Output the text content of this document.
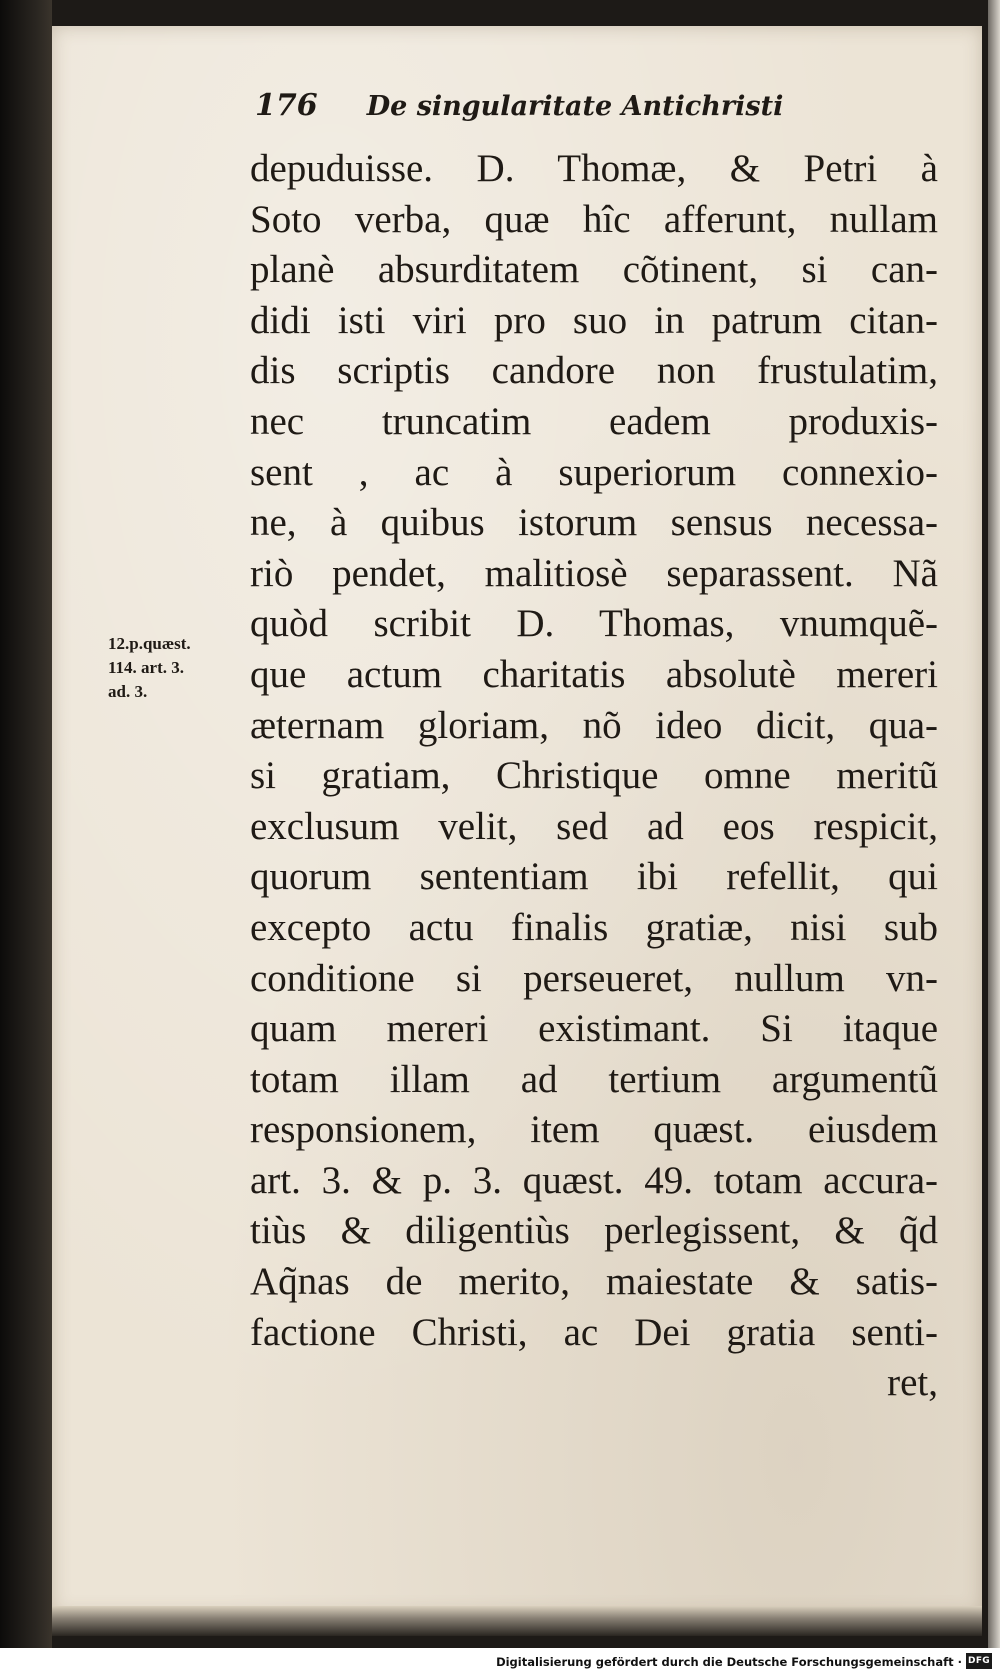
176 De singularitate Antichristi
12.p.quæst.
114. art. 3.
ad. 3.
depuduisse. D. Thomæ, & Petri à
Soto verba, quæ hîc afferunt, nullam
planè absurditatem cõtinent, si can-
didi isti viri pro suo in patrum citan-
dis scriptis candore non frustulatim,
nec truncatim eadem produxis-
sent , ac à superiorum connexio-
ne, à quibus istorum sensus necessa-
riò pendet, malitiosè separassent. Nã
quòd scribit D. Thomas, vnumquẽ-
que actum charitatis absolutè mereri
æternam gloriam, nõ ideo dicit, qua-
si gratiam, Christique omne meritũ
exclusum velit, sed ad eos respicit,
quorum sententiam ibi refellit, qui
excepto actu finalis gratiæ, nisi sub
conditione si perseueret, nullum vn-
quam mereri existimant. Si itaque
totam illam ad tertium argumentũ
responsionem, item quæst. eiusdem
art. 3. & p. 3. quæst. 49. totam accura-
tiùs & diligentiùs perlegissent, & q̃d
Aq̃nas de merito, maiestate & satis-
factione Christi, ac Dei gratia senti-
ret,
Digitalisierung gefördert durch die Deutsche Forschungsgemeinschaft · DFG
